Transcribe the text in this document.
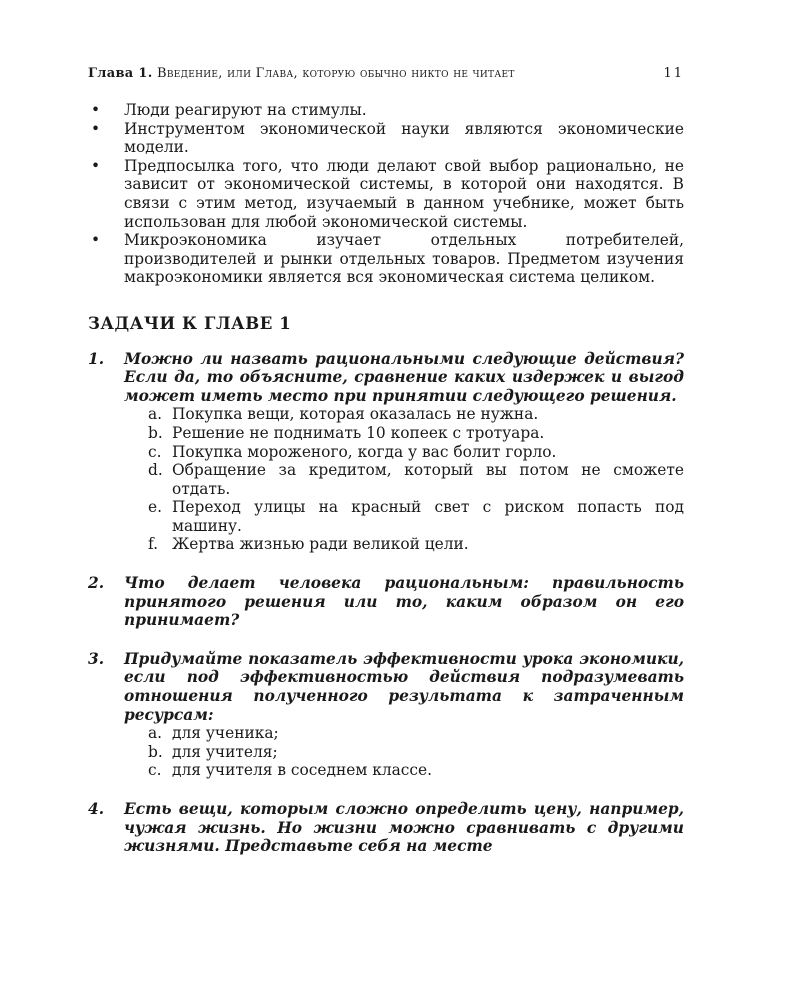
Глава 1. Введение, или Глава, которую обычно никто не читает	11
• Люди реагируют на стимулы.
• Инструментом экономической науки являются экономические модели.
• Предпосылка того, что люди делают свой выбор рационально, не зависит от экономической системы, в которой они находятся. В связи с этим метод, изучаемый в данном учебнике, может быть использован для любой экономической системы.
• Микроэкономика изучает отдельных потребителей, производителей и рынки отдельных товаров. Предметом изучения макроэкономики является вся экономическая система целиком.
ЗАДАЧИ К ГЛАВЕ 1
1. Можно ли назвать рациональными следующие действия? Если да, то объясните, сравнение каких издержек и выгод может иметь место при принятии следующего решения.
a. Покупка вещи, которая оказалась не нужна.
b. Решение не поднимать 10 копеек с тротуара.
c. Покупка мороженого, когда у вас болит горло.
d. Обращение за кредитом, который вы потом не сможете отдать.
e. Переход улицы на красный свет с риском попасть под машину.
f. Жертва жизнью ради великой цели.
2. Что делает человека рациональным: правильность принятого решения или то, каким образом он его принимает?
3. Придумайте показатель эффективности урока экономики, если под эффективностью действия подразумевать отношения полученного результата к затраченным ресурсам:
a. для ученика;
b. для учителя;
c. для учителя в соседнем классе.
4. Есть вещи, которым сложно определить цену, например, чужая жизнь. Но жизни можно сравнивать с другими жизнями. Представьте себя на месте
